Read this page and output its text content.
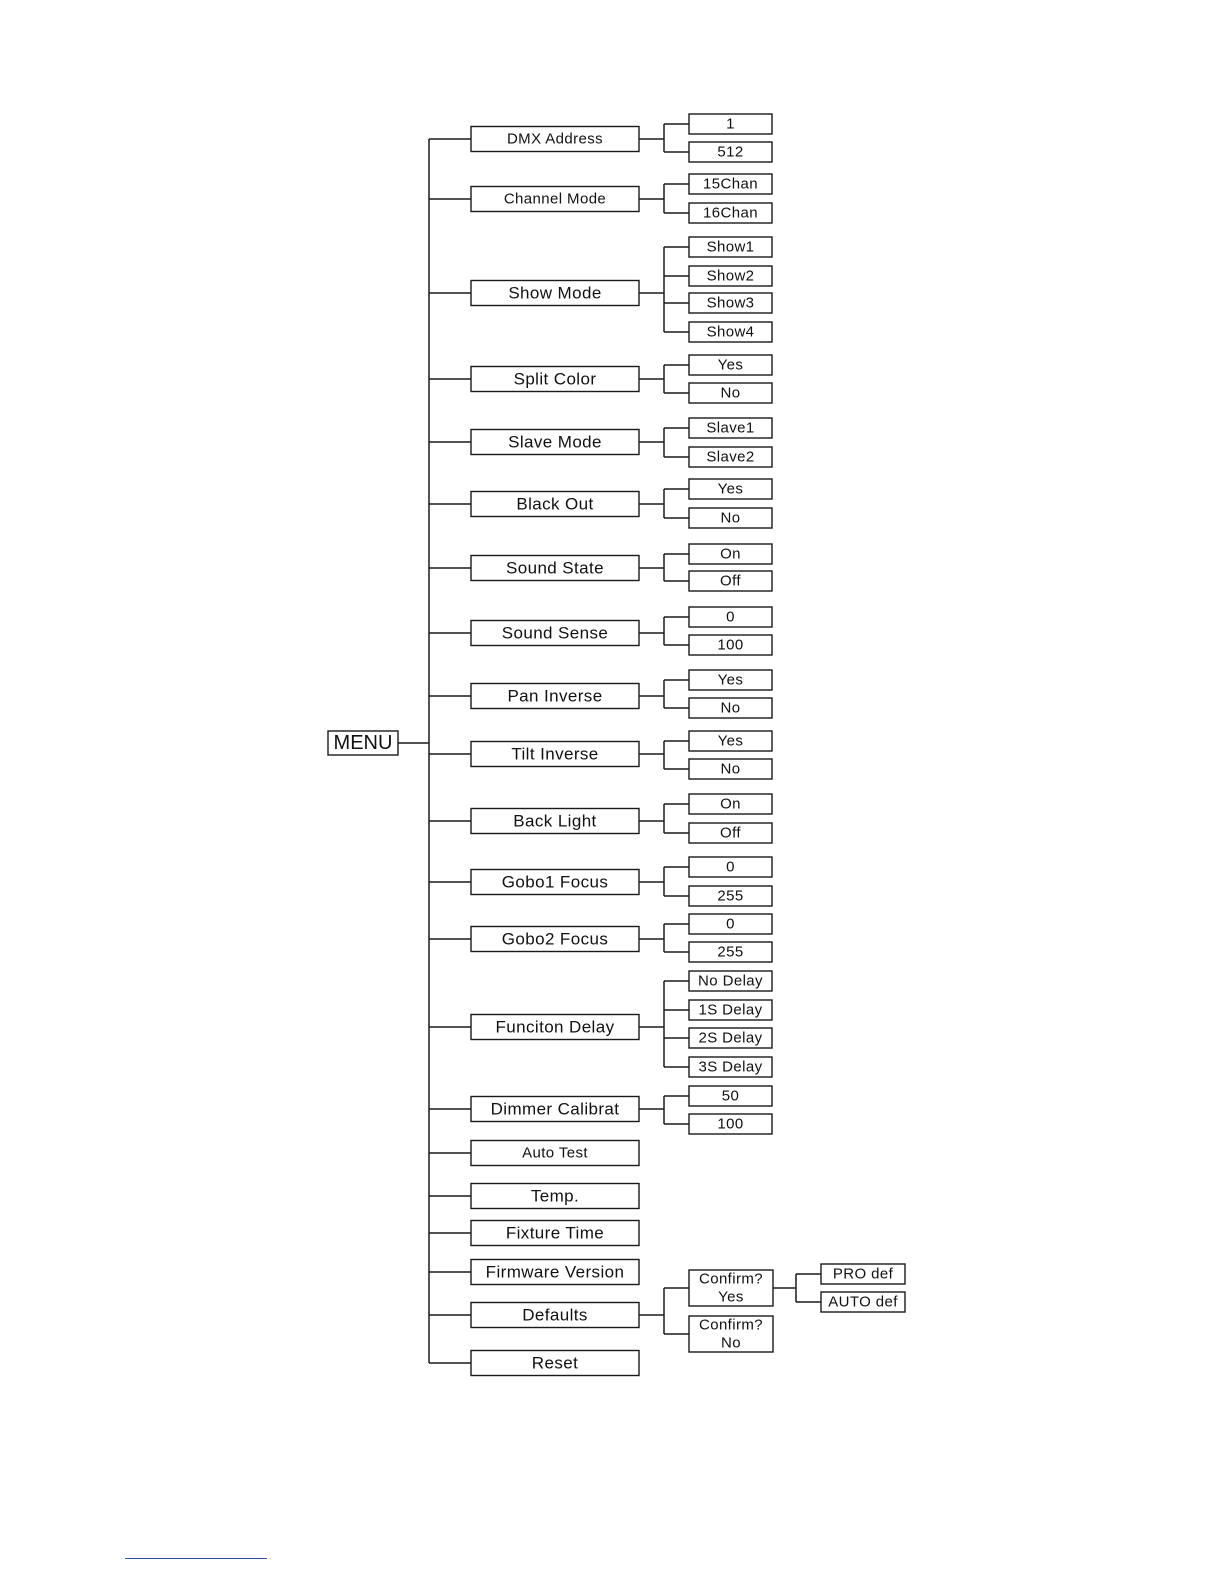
MENU
DMX Address
1
512
Channel Mode
15Chan
16Chan
Show Mode
Show1
Show2
Show3
Show4
Split Color
Yes
No
Slave Mode
Slave1
Slave2
Black Out
Yes
No
Sound State
On
Off
Sound Sense
0
100
Pan Inverse
Yes
No
Tilt Inverse
Yes
No
Back Light
On
Off
Gobo1 Focus
0
255
Gobo2 Focus
0
255
Funciton Delay
No Delay
1S Delay
2S Delay
3S Delay
Dimmer Calibrat
50
100
Auto Test
Temp.
Fixture Time
Firmware Version
Defaults
Confirm?
Yes
Confirm?
No
PRO def
AUTO def
Reset
